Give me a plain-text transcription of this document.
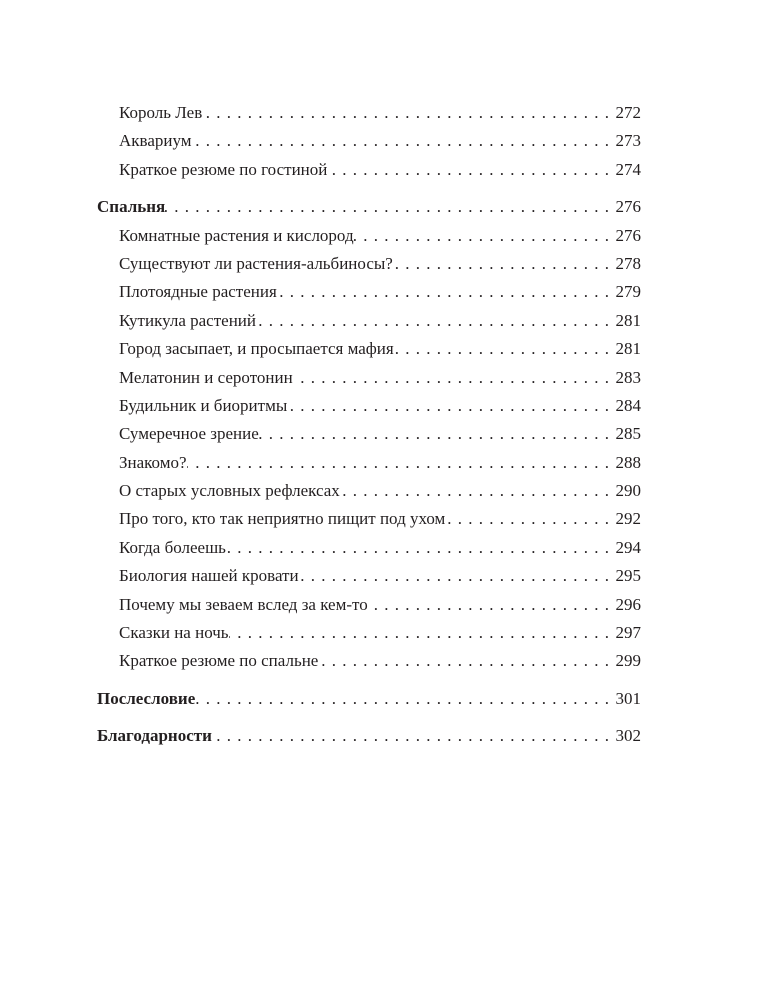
Король Лев . . .	272
Аквариум . . .	273
Краткое резюме по гостиной . . .	274
Спальня . . .	276
Комнатные растения и кислород . . .	276
Существуют ли растения-альбиносы? . . .	278
Плотоядные растения . . .	279
Кутикула растений . . .	281
Город засыпает, и просыпается мафия . . .	281
Мелатонин и серотонин . . .	283
Будильник и биоритмы . . .	284
Сумеречное зрение . . .	285
Знакомо? . . .	288
О старых условных рефлексах . . .	290
Про того, кто так неприятно пищит под ухом . . .	292
Когда болеешь . . .	294
Биология нашей кровати . . .	295
Почему мы зеваем вслед за кем-то . . .	296
Сказки на ночь . . .	297
Краткое резюме по спальне . . .	299
Послесловие . . .	301
Благодарности . . .	302
